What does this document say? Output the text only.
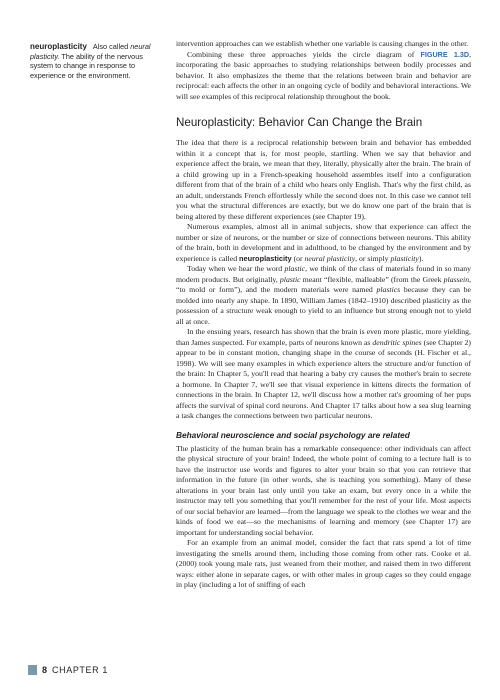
neuroplasticity Also called neural plasticity. The ability of the nervous system to change in response to experience or the environment.

intervention approaches can we establish whether one variable is causing changes in the other.

Combining these three approaches yields the circle diagram of FIGURE 1.3D, incorporating the basic approaches to studying relationships between bodily processes and behavior. It also emphasizes the theme that the relations between brain and behavior are reciprocal: each affects the other in an ongoing cycle of bodily and behavioral interactions. We will see examples of this reciprocal relationship throughout the book.

Neuroplasticity: Behavior Can Change the Brain

The idea that there is a reciprocal relationship between brain and behavior has embedded within it a concept that is, for most people, startling. When we say that behavior and experience affect the brain, we mean that they, literally, physically alter the brain. The brain of a child growing up in a French-speaking household assembles itself into a configuration different from that of the brain of a child who hears only English. That's why the first child, as an adult, understands French effortlessly while the second does not. In this case we cannot tell you what the structural differences are exactly, but we do know one part of the brain that is being altered by these different experiences (see Chapter 19).

Numerous examples, almost all in animal subjects, show that experience can affect the number or size of neurons, or the number or size of connections between neurons. This ability of the brain, both in development and in adulthood, to be changed by the environment and by experience is called neuroplasticity (or neural plasticity, or simply plasticity).

Today when we hear the word plastic, we think of the class of materials found in so many modern products. But originally, plastic meant “flexible, malleable” (from the Greek plassein, “to mold or form”), and the modern materials were named plastics because they can be molded into nearly any shape. In 1890, William James (1842–1910) described plasticity as the possession of a structure weak enough to yield to an influence but strong enough not to yield all at once.

In the ensuing years, research has shown that the brain is even more plastic, more yielding, than James suspected. For example, parts of neurons known as dendritic spines (see Chapter 2) appear to be in constant motion, changing shape in the course of seconds (H. Fischer et al., 1998). We will see many examples in which experience alters the structure and/or function of the brain: In Chapter 5, you'll read that hearing a baby cry causes the mother's brain to secrete a hormone. In Chapter 7, we'll see that visual experience in kittens directs the formation of connections in the brain. In Chapter 12, we'll discuss how a mother rat's grooming of her pups affects the survival of spinal cord neurons. And Chapter 17 talks about how a sea slug learning a task changes the connections between two particular neurons.

Behavioral neuroscience and social psychology are related

The plasticity of the human brain has a remarkable consequence: other individuals can affect the physical structure of your brain! Indeed, the whole point of coming to a lecture hall is to have the instructor use words and figures to alter your brain so that you can retrieve that information in the future (in other words, she is teaching you something). Many of these alterations in your brain last only until you take an exam, but every once in a while the instructor may tell you something that you'll remember for the rest of your life. Most aspects of our social behavior are learned—from the language we speak to the clothes we wear and the kinds of food we eat—so the mechanisms of learning and memory (see Chapter 17) are important for understanding social behavior.

For an example from an animal model, consider the fact that rats spend a lot of time investigating the smells around them, including those coming from other rats. Cooke et al. (2000) took young male rats, just weaned from their mother, and raised them in two different ways: either alone in separate cages, or with other males in group cages so they could engage in play (including a lot of sniffing of each

8 CHAPTER 1
